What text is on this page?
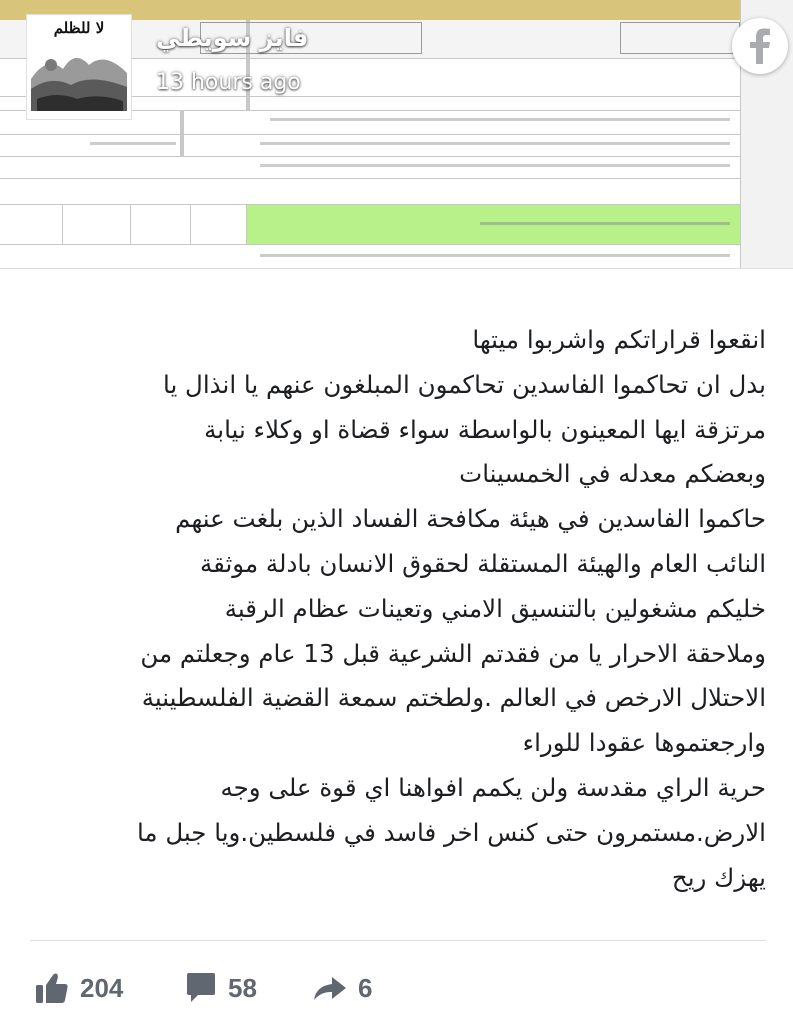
لا للظلم	فايز سويطي
13 hours ago
انقعوا قراراتكم واشربوا ميتها
بدل ان تحاكموا الفاسدين تحاكمون المبلغون عنهم يا انذال يا
مرتزقة ايها المعينون بالواسطة سواء قضاة او وكلاء نيابة
وبعضكم معدله في الخمسينات
حاكموا الفاسدين في هيئة مكافحة الفساد الذين بلغت عنهم
النائب العام والهيئة المستقلة لحقوق الانسان بادلة موثقة
خليكم مشغولين بالتنسيق الامني وتعينات عظام الرقبة
وملاحقة الاحرار يا من فقدتم الشرعية قبل 13 عام وجعلتم من
الاحتلال الارخص في العالم .ولطختم سمعة القضية الفلسطينية
وارجعتموها عقودا للوراء
حرية الراي مقدسة ولن يكمم افواهنا اي قوة على وجه
الارض.مستمرون حتى كنس اخر فاسد في فلسطين.ويا جبل ما
يهزك ريح
204	58	6
